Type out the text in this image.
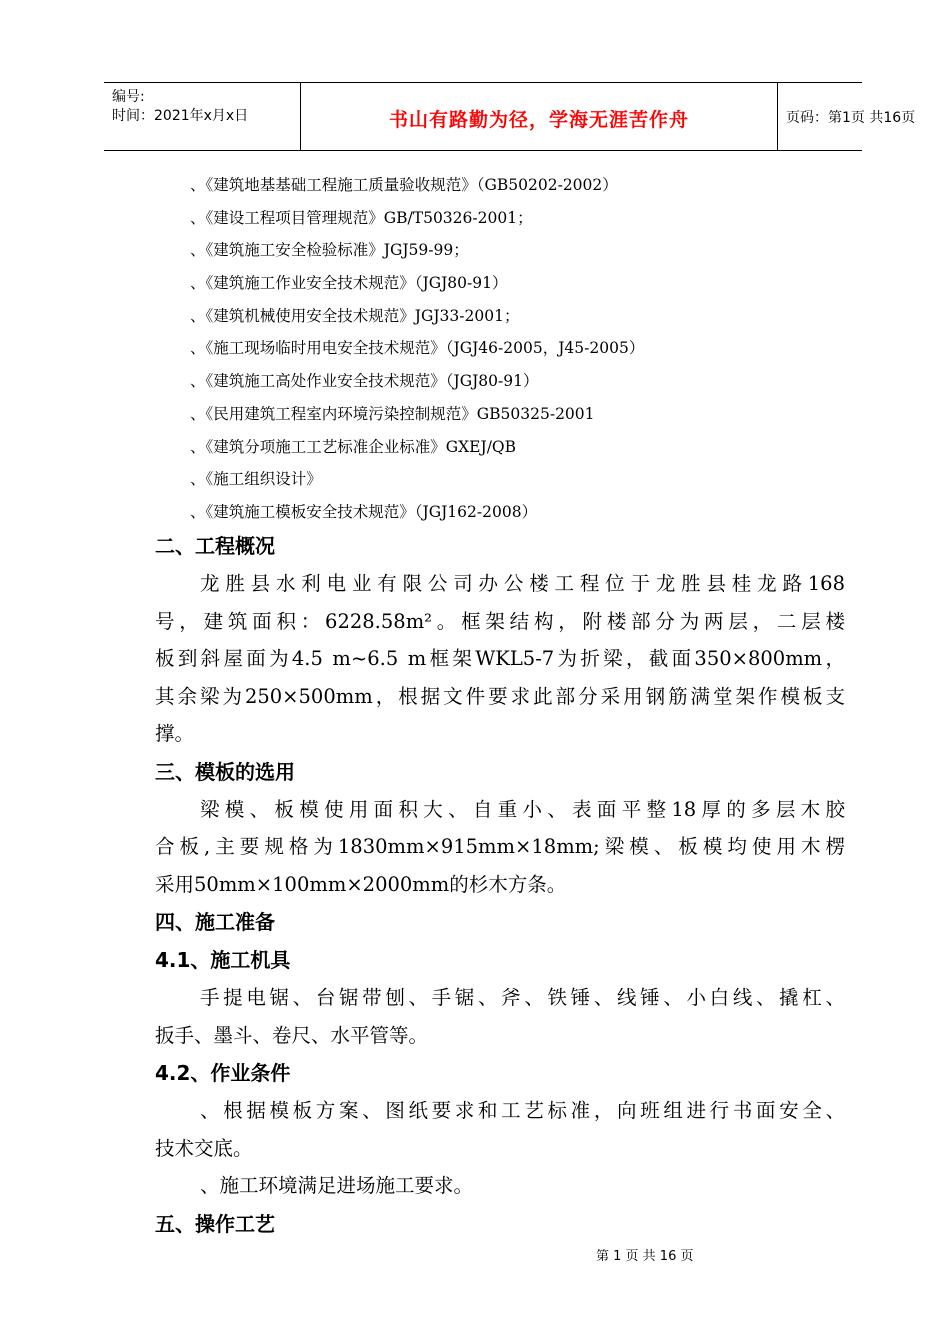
编号:
时间：2021年x月x日	书山有路勤为径，学海无涯苦作舟	页码：第1页 共16页
、《建筑地基基础工程施工质量验收规范》（GB50202-2002）
、《建设工程项目管理规范》GB/T50326-2001；
、《建筑施工安全检验标准》JGJ59-99；
、《建筑施工作业安全技术规范》（JGJ80-91）
、《建筑机械使用安全技术规范》JGJ33-2001；
、《施工现场临时用电安全技术规范》（JGJ46-2005，J45-2005）
、《建筑施工高处作业安全技术规范》（JGJ80-91）
、《民用建筑工程室内环境污染控制规范》GB50325-2001
、《建筑分项施工工艺标准企业标准》GXEJ/QB
、《施工组织设计》
、《建筑施工模板安全技术规范》（JGJ162-2008）
二、工程概况
龙胜县水利电业有限公司办公楼工程位于龙胜县桂龙路168
号，建筑面积：6228.58m²。框架结构，附楼部分为两层，二层楼
板到斜屋面为4.5 m~6.5 m框架WKL5-7为折梁，截面350×800mm，
其余梁为250×500mm，根据文件要求此部分采用钢筋满堂架作模板支
撑。
三、模板的选用
梁模、板模使用面积大、自重小、表面平整18厚的多层木胶
合板,主要规格为1830mm×915mm×18mm;梁模、板模均使用木楞
采用50mm×100mm×2000mm的杉木方条。
四、施工准备
4.1、施工机具
手提电锯、台锯带刨、手锯、斧、铁锤、线锤、小白线、撬杠、
扳手、墨斗、卷尺、水平管等。
4.2、作业条件
、根据模板方案、图纸要求和工艺标准，向班组进行书面安全、
技术交底。
、施工环境满足进场施工要求。
五、操作工艺
第 1 页 共 16 页
